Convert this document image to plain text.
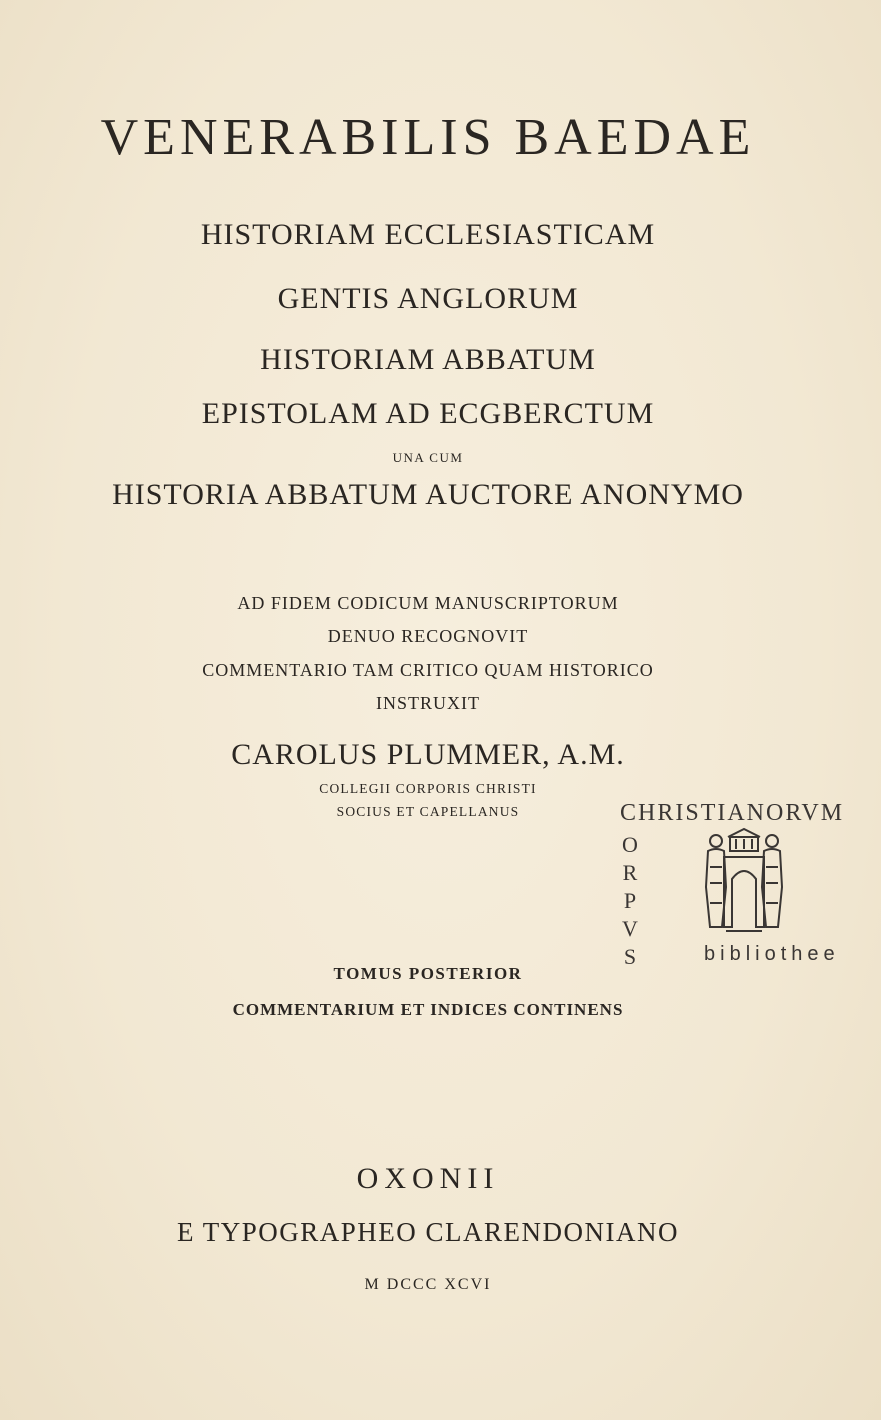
VENERABILIS BAEDAE
HISTORIAM ECCLESIASTICAM
GENTIS ANGLORUM
HISTORIAM ABBATUM
EPISTOLAM AD ECGBERCTUM
UNA CUM
HISTORIA ABBATUM AUCTORE ANONYMO
AD FIDEM CODICUM MANUSCRIPTORUM
DENUO RECOGNOVIT
COMMENTARIO TAM CRITICO QUAM HISTORICO
INSTRUXIT
CAROLUS PLUMMER, A.M.
COLLEGII CORPORIS CHRISTI
SOCIUS ET CAPELLANUS
TOMUS POSTERIOR
COMMENTARIUM ET INDICES CONTINENS
OXONII
E TYPOGRAPHEO CLARENDONIANO
M DCCC XCVI
CHRISTIANORVM
O
R
P
V
S	bibliothee
